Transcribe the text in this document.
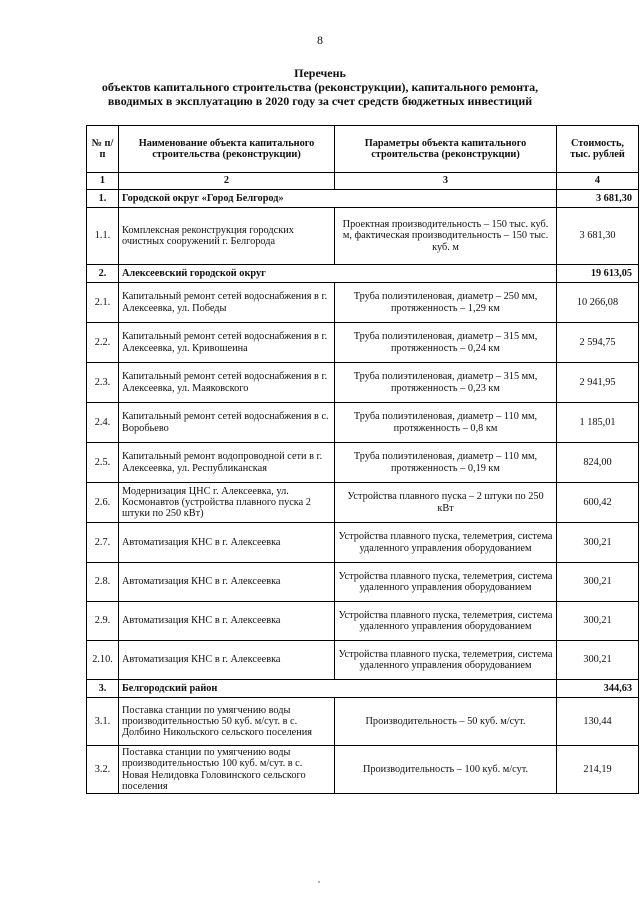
8
Перечень
объектов капитального строительства (реконструкции), капитального ремонта,
вводимых в эксплуатацию в 2020 году за счет средств бюджетных инвестиций
№ п/п	Наименование объекта капитального строительства (реконструкции)	Параметры объекта капитального строительства (реконструкции)	Стоимость, тыс. рублей
1	2	3	4
1.	Городской округ «Город Белгород»		3 681,30
1.1.	Комплексная реконструкция городских очистных сооружений г. Белгорода	Проектная производительность – 150 тыс. куб. м, фактическая производительность – 150 тыс. куб. м	3 681,30
2.	Алексеевский городской округ		19 613,05
2.1.	Капитальный ремонт сетей водоснабжения в г. Алексеевка, ул. Победы	Труба полиэтиленовая, диаметр – 250 мм, протяженность – 1,29 км	10 266,08
2.2.	Капитальный ремонт сетей водоснабжения в г. Алексеевка, ул. Кривошеина	Труба полиэтиленовая, диаметр – 315 мм, протяженность – 0,24 км	2 594,75
2.3.	Капитальный ремонт сетей водоснабжения в г. Алексеевка, ул. Маяковского	Труба полиэтиленовая, диаметр – 315 мм, протяженность – 0,23 км	2 941,95
2.4.	Капитальный ремонт сетей водоснабжения в с. Воробьево	Труба полиэтиленовая, диаметр – 110 мм, протяженность – 0,8 км	1 185,01
2.5.	Капитальный ремонт водопроводной сети в г. Алексеевка, ул. Республиканская	Труба полиэтиленовая, диаметр – 110 мм, протяженность – 0,19 км	824,00
2.6.	Модернизация ЦНС г. Алексеевка, ул. Космонавтов (устройства плавного пуска 2 штуки по 250 кВт)	Устройства плавного пуска – 2 штуки по 250 кВт	600,42
2.7.	Автоматизация КНС в г. Алексеевка	Устройства плавного пуска, телеметрия, система удаленного управления оборудованием	300,21
2.8.	Автоматизация КНС в г. Алексеевка	Устройства плавного пуска, телеметрия, система удаленного управления оборудованием	300,21
2.9.	Автоматизация КНС в г. Алексеевка	Устройства плавного пуска, телеметрия, система удаленного управления оборудованием	300,21
2.10.	Автоматизация КНС в г. Алексеевка	Устройства плавного пуска, телеметрия, система удаленного управления оборудованием	300,21
3.	Белгородский район		344,63
3.1.	Поставка станции по умягчению воды производительностью 50 куб. м/сут. в с. Долбино Никольского сельского поселения	Производительность – 50 куб. м/сут.	130,44
3.2.	Поставка станции по умягчению воды производительностью 100 куб. м/сут. в с. Новая Нелидовка Головинского сельского поселения	Производительность – 100 куб. м/сут.	214,19
